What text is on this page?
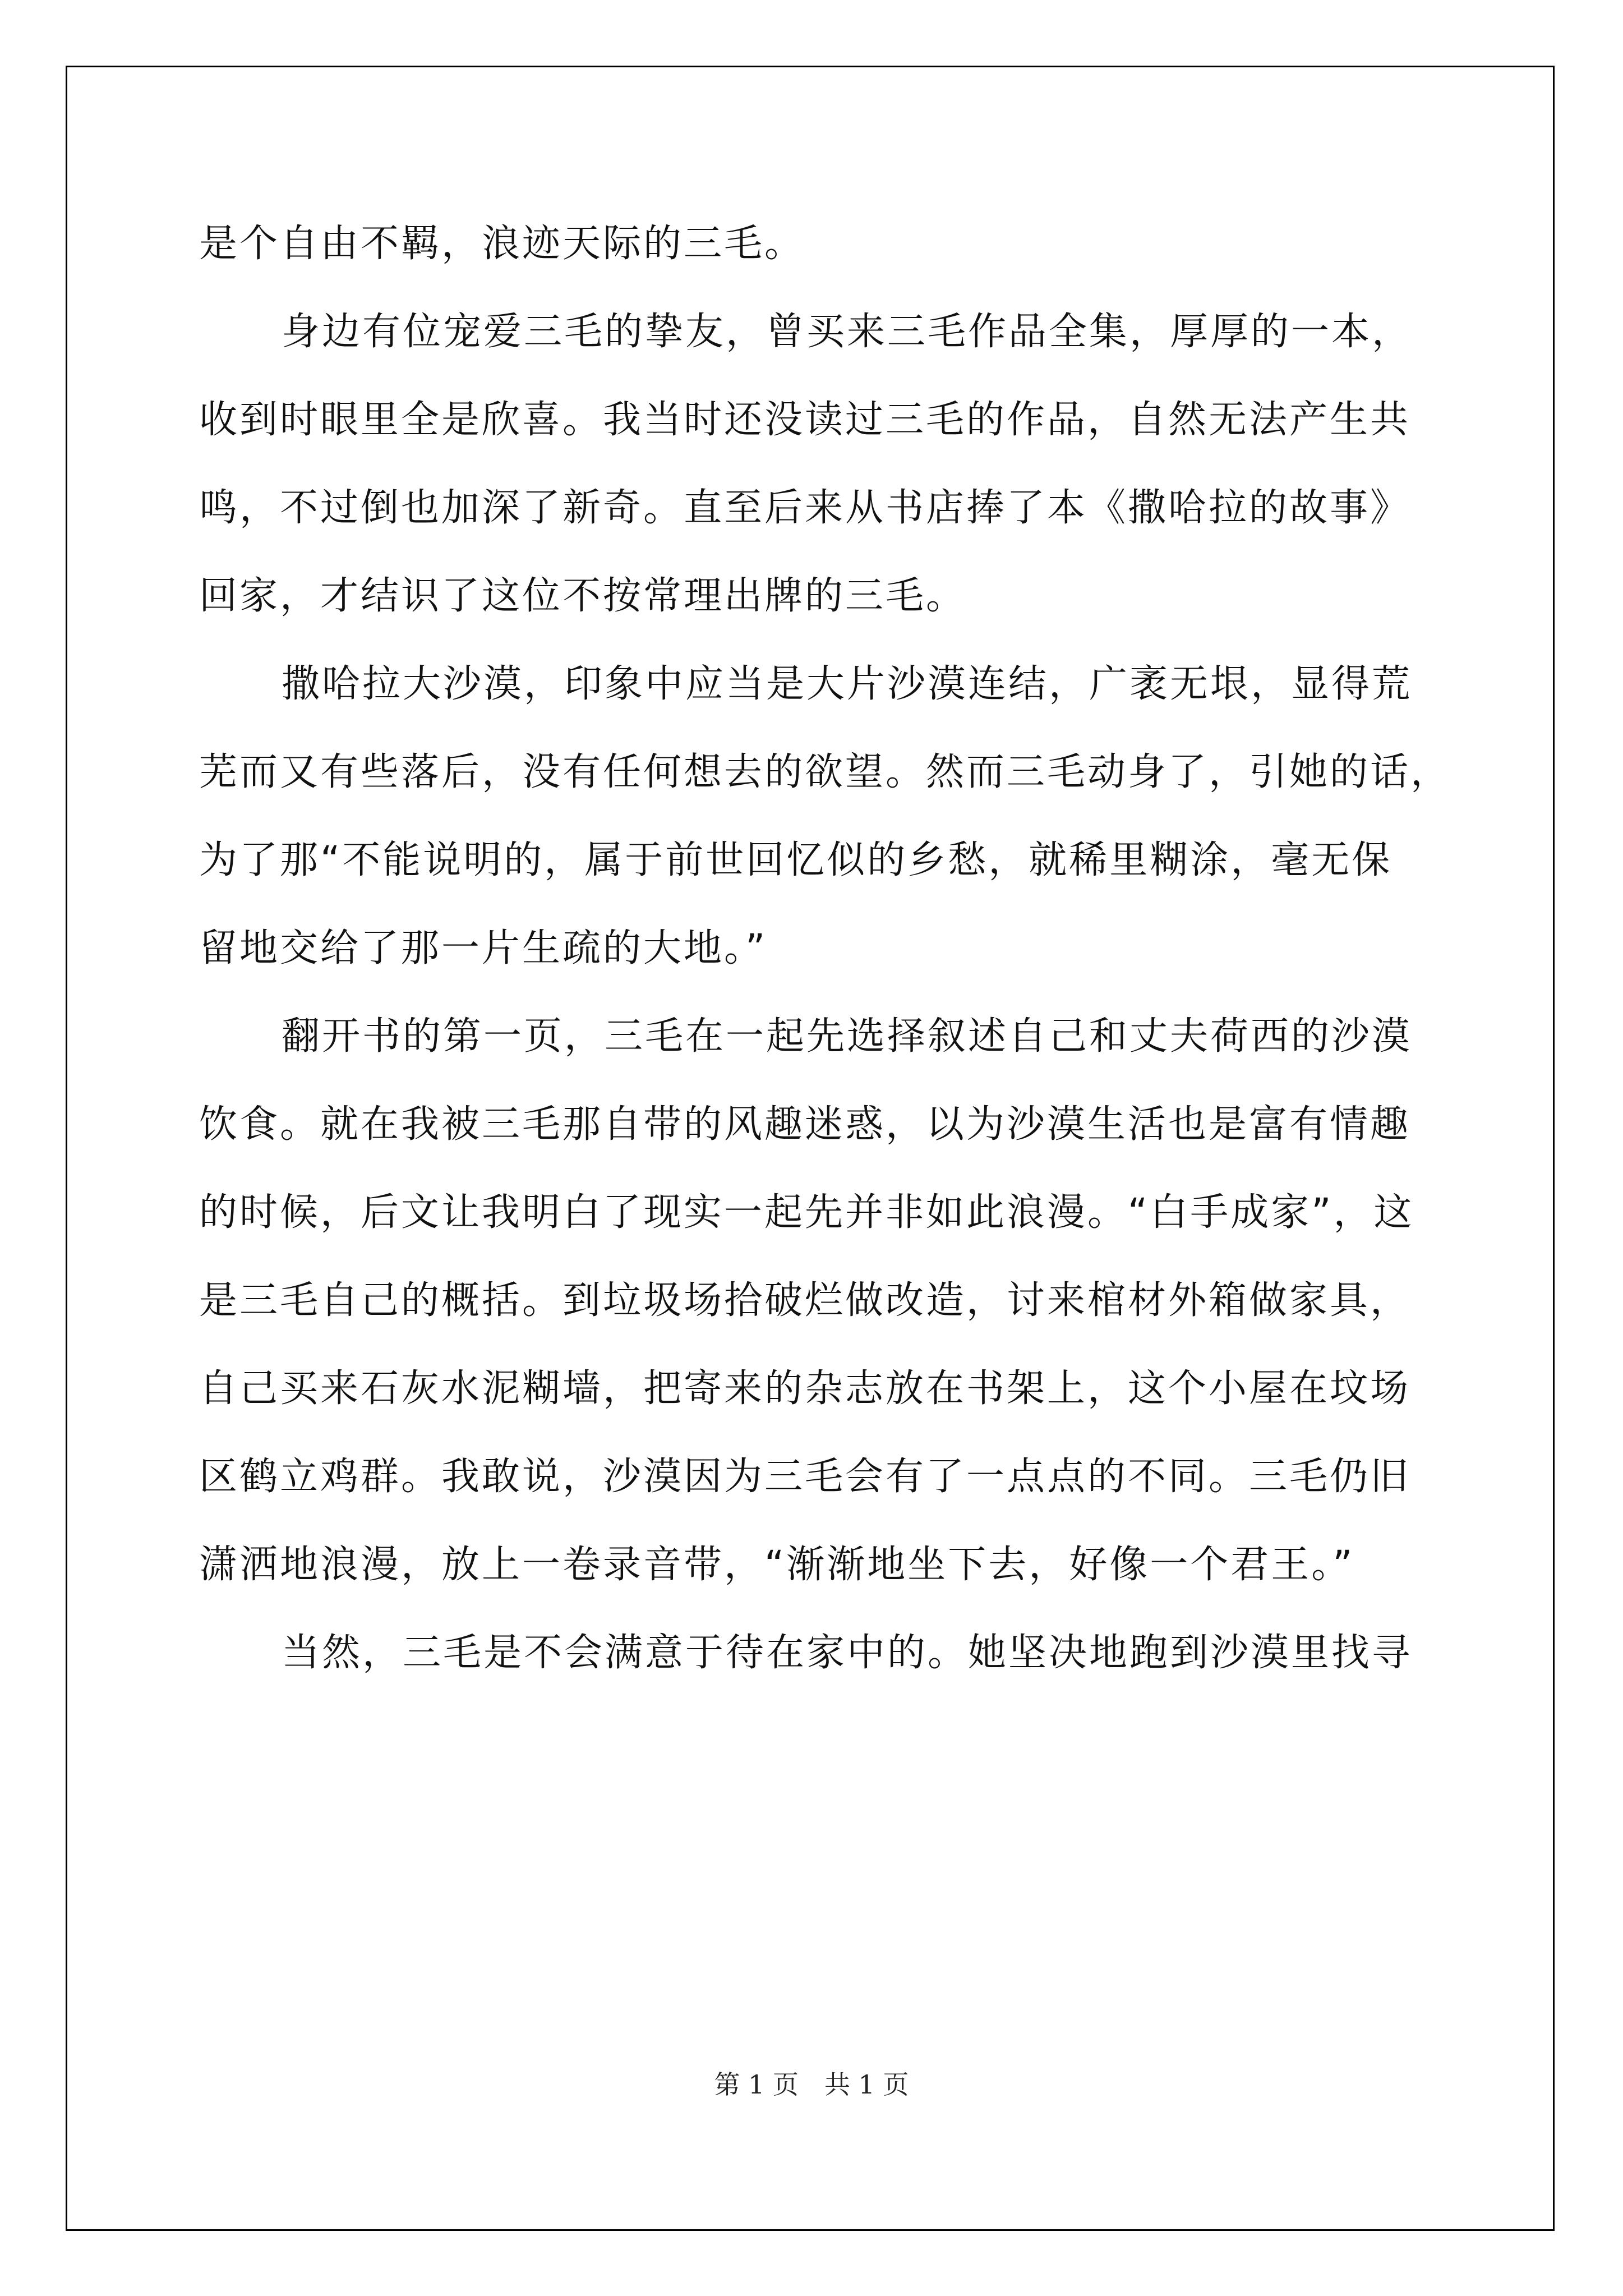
是个自由不羁，浪迹天际的三毛。
身边有位宠爱三毛的挚友，曾买来三毛作品全集，厚厚的一本，
收到时眼里全是欣喜。我当时还没读过三毛的作品，自然无法产生共
鸣，不过倒也加深了新奇。直至后来从书店捧了本《撒哈拉的故事》
回家，才结识了这位不按常理出牌的三毛。
撒哈拉大沙漠，印象中应当是大片沙漠连结，广袤无垠，显得荒
芜而又有些落后，没有任何想去的欲望。然而三毛动身了，引她的话，
为了那“不能说明的，属于前世回忆似的乡愁，就稀里糊涂，毫无保
留地交给了那一片生疏的大地。”
翻开书的第一页，三毛在一起先选择叙述自己和丈夫荷西的沙漠
饮食。就在我被三毛那自带的风趣迷惑，以为沙漠生活也是富有情趣
的时候，后文让我明白了现实一起先并非如此浪漫。“白手成家”，这
是三毛自己的概括。到垃圾场拾破烂做改造，讨来棺材外箱做家具，
自己买来石灰水泥糊墙，把寄来的杂志放在书架上，这个小屋在坟场
区鹤立鸡群。我敢说，沙漠因为三毛会有了一点点的不同。三毛仍旧
潇洒地浪漫，放上一卷录音带，“渐渐地坐下去，好像一个君王。”
当然，三毛是不会满意于待在家中的。她坚决地跑到沙漠里找寻
第 1 页　共 1 页
